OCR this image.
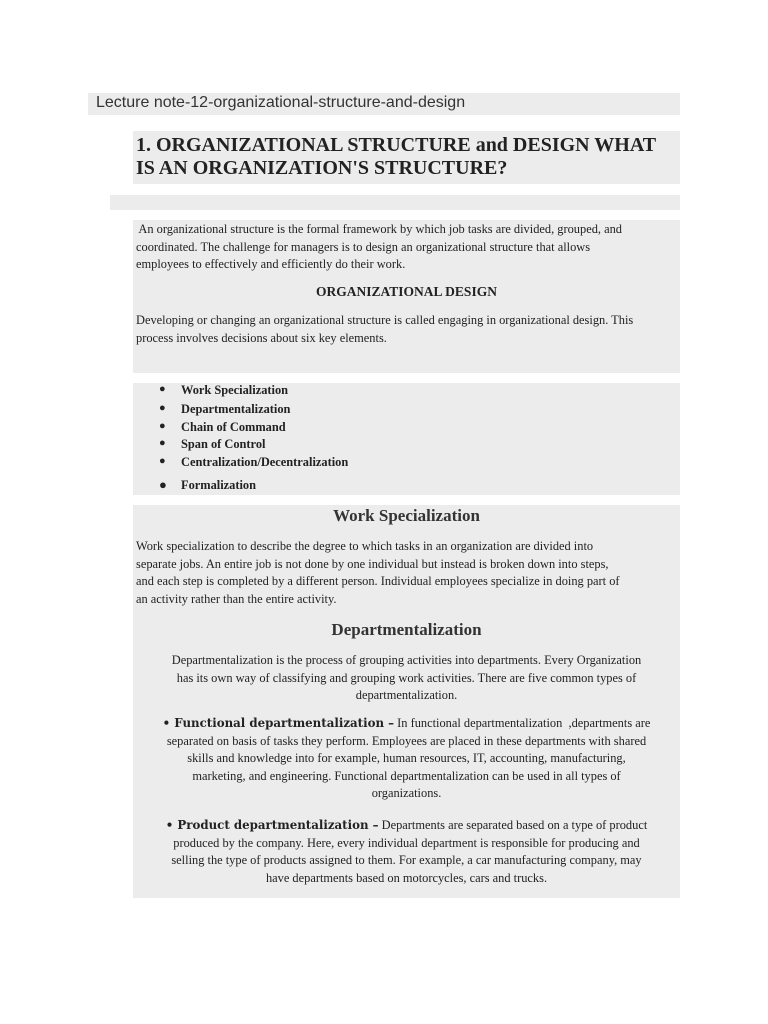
Lecture note-12-organizational-structure-and-design
1. ORGANIZATIONAL STRUCTURE and DESIGN WHAT
IS AN ORGANIZATION'S STRUCTURE?
An organizational structure is the formal framework by which job tasks are divided, grouped, and
coordinated. The challenge for managers is to design an organizational structure that allows
employees to effectively and efficiently do their work.
ORGANIZATIONAL DESIGN
Developing or changing an organizational structure is called engaging in organizational design. This
process involves decisions about six key elements.
● Work Specialization
● Departmentalization
● Chain of Command
● Span of Control
● Centralization/Decentralization
● Formalization
Work Specialization
Work specialization to describe the degree to which tasks in an organization are divided into
separate jobs. An entire job is not done by one individual but instead is broken down into steps,
and each step is completed by a different person. Individual employees specialize in doing part of
an activity rather than the entire activity.
Departmentalization
Departmentalization is the process of grouping activities into departments. Every Organization
has its own way of classifying and grouping work activities. There are five common types of
departmentalization.
• Functional departmentalization – In functional departmentalization  ,departments are
separated on basis of tasks they perform. Employees are placed in these departments with shared
skills and knowledge into for example, human resources, IT, accounting, manufacturing,
marketing, and engineering. Functional departmentalization can be used in all types of
organizations.
• Product departmentalization – Departments are separated based on a type of product
produced by the company. Here, every individual department is responsible for producing and
selling the type of products assigned to them. For example, a car manufacturing company, may
have departments based on motorcycles, cars and trucks.
